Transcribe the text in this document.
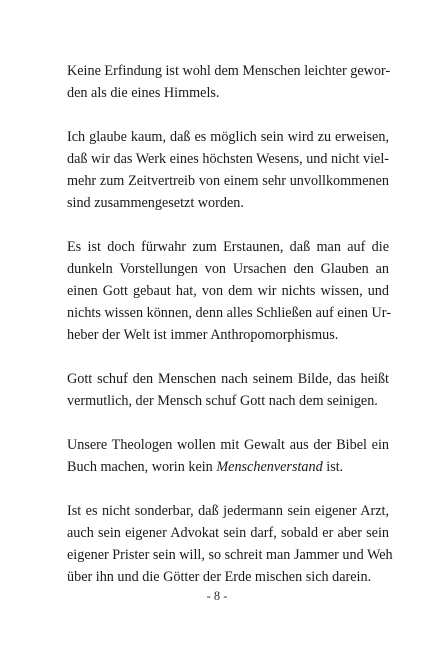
Keine Erfindung ist wohl dem Menschen leichter gewor-
den als die eines Himmels.

Ich glaube kaum, daß es möglich sein wird zu erweisen,
daß wir das Werk eines höchsten Wesens, und nicht viel-
mehr zum Zeitvertreib von einem sehr unvollkommenen
sind zusammengesetzt worden.

Es ist doch fürwahr zum Erstaunen, daß man auf die
dunkeln Vorstellungen von Ursachen den Glauben an
einen Gott gebaut hat, von dem wir nichts wissen, und
nichts wissen können, denn alles Schließen auf einen Ur-
heber der Welt ist immer Anthropomorphismus.

Gott schuf den Menschen nach seinem Bilde, das heißt
vermutlich, der Mensch schuf Gott nach dem seinigen.

Unsere Theologen wollen mit Gewalt aus der Bibel ein
Buch machen, worin kein Menschenverstand ist.

Ist es nicht sonderbar, daß jedermann sein eigener Arzt,
auch sein eigener Advokat sein darf, sobald er aber sein
eigener Prister sein will, so schreit man Jammer und Weh
über ihn und die Götter der Erde mischen sich darein.

- 8 -
